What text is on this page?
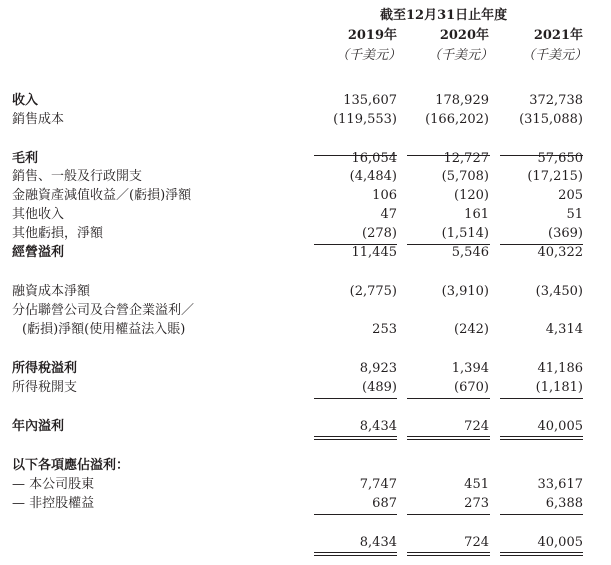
截至12月31日止年度
2019年	2020年	2021年
（千美元） （千美元） （千美元）
收入	135,607	178,929	372,738
銷售成本	(119,553) (166,202) (315,088)
毛利	16,054	12,727	57,650
銷售、一般及行政開支	(4,484)	(5,708)	(17,215)
金融資產減值收益／(虧損)淨額	106	(120)	205
其他收入	47	161	51
其他虧損，淨額	(278)	(1,514)	(369)
經營溢利	11,445	5,546	40,322
融資成本淨額	(2,775)	(3,910)	(3,450)
分佔聯營公司及合營企業溢利／
(虧損)淨額(使用權益法入賬)	253	(242)	4,314
所得稅溢利	8,923	1,394	41,186
所得稅開支	(489)	(670)	(1,181)
年內溢利	8,434	724	40,005
以下各項應佔溢利：
— 本公司股東	7,747	451	33,617
— 非控股權益	687	273	6,388
8,434	724	40,005
